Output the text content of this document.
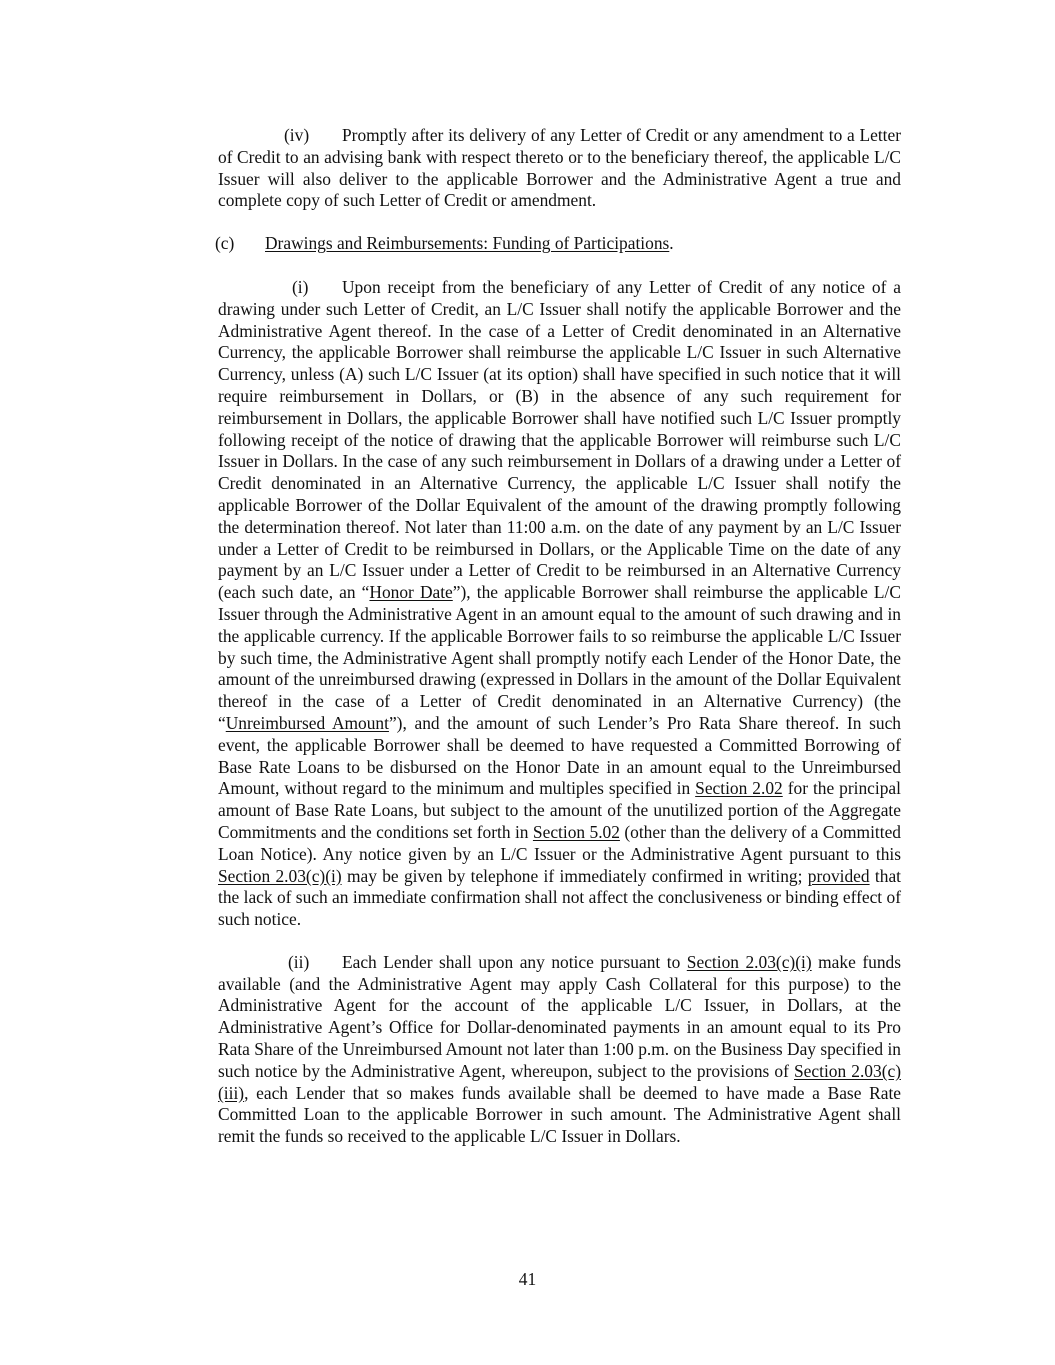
(iv) Promptly after its delivery of any Letter of Credit or any amendment to a Letter of Credit to an advising bank with respect thereto or to the beneficiary thereof, the applicable L/C Issuer will also deliver to the applicable Borrower and the Administrative Agent a true and complete copy of such Letter of Credit or amendment.

(c) Drawings and Reimbursements: Funding of Participations.

(i) Upon receipt from the beneficiary of any Letter of Credit of any notice of a drawing under such Letter of Credit, an L/C Issuer shall notify the applicable Borrower and the Administrative Agent thereof. In the case of a Letter of Credit denominated in an Alternative Currency, the applicable Borrower shall reimburse the applicable L/C Issuer in such Alternative Currency, unless (A) such L/C Issuer (at its option) shall have specified in such notice that it will require reimbursement in Dollars, or (B) in the absence of any such requirement for reimbursement in Dollars, the applicable Borrower shall have notified such L/C Issuer promptly following receipt of the notice of drawing that the applicable Borrower will reimburse such L/C Issuer in Dollars. In the case of any such reimbursement in Dollars of a drawing under a Letter of Credit denominated in an Alternative Currency, the applicable L/C Issuer shall notify the applicable Borrower of the Dollar Equivalent of the amount of the drawing promptly following the determination thereof. Not later than 11:00 a.m. on the date of any payment by an L/C Issuer under a Letter of Credit to be reimbursed in Dollars, or the Applicable Time on the date of any payment by an L/C Issuer under a Letter of Credit to be reimbursed in an Alternative Currency (each such date, an “Honor Date”), the applicable Borrower shall reimburse the applicable L/C Issuer through the Administrative Agent in an amount equal to the amount of such drawing and in the applicable currency. If the applicable Borrower fails to so reimburse the applicable L/C Issuer by such time, the Administrative Agent shall promptly notify each Lender of the Honor Date, the amount of the unreimbursed drawing (expressed in Dollars in the amount of the Dollar Equivalent thereof in the case of a Letter of Credit denominated in an Alternative Currency) (the “Unreimbursed Amount”), and the amount of such Lender’s Pro Rata Share thereof. In such event, the applicable Borrower shall be deemed to have requested a Committed Borrowing of Base Rate Loans to be disbursed on the Honor Date in an amount equal to the Unreimbursed Amount, without regard to the minimum and multiples specified in Section 2.02 for the principal amount of Base Rate Loans, but subject to the amount of the unutilized portion of the Aggregate Commitments and the conditions set forth in Section 5.02 (other than the delivery of a Committed Loan Notice). Any notice given by an L/C Issuer or the Administrative Agent pursuant to this Section 2.03(c)(i) may be given by telephone if immediately confirmed in writing; provided that the lack of such an immediate confirmation shall not affect the conclusiveness or binding effect of such notice.

(ii) Each Lender shall upon any notice pursuant to Section 2.03(c)(i) make funds available (and the Administrative Agent may apply Cash Collateral for this purpose) to the Administrative Agent for the account of the applicable L/C Issuer, in Dollars, at the Administrative Agent’s Office for Dollar-denominated payments in an amount equal to its Pro Rata Share of the Unreimbursed Amount not later than 1:00 p.m. on the Business Day specified in such notice by the Administrative Agent, whereupon, subject to the provisions of Section 2.03(c)(iii), each Lender that so makes funds available shall be deemed to have made a Base Rate Committed Loan to the applicable Borrower in such amount. The Administrative Agent shall remit the funds so received to the applicable L/C Issuer in Dollars.

41
